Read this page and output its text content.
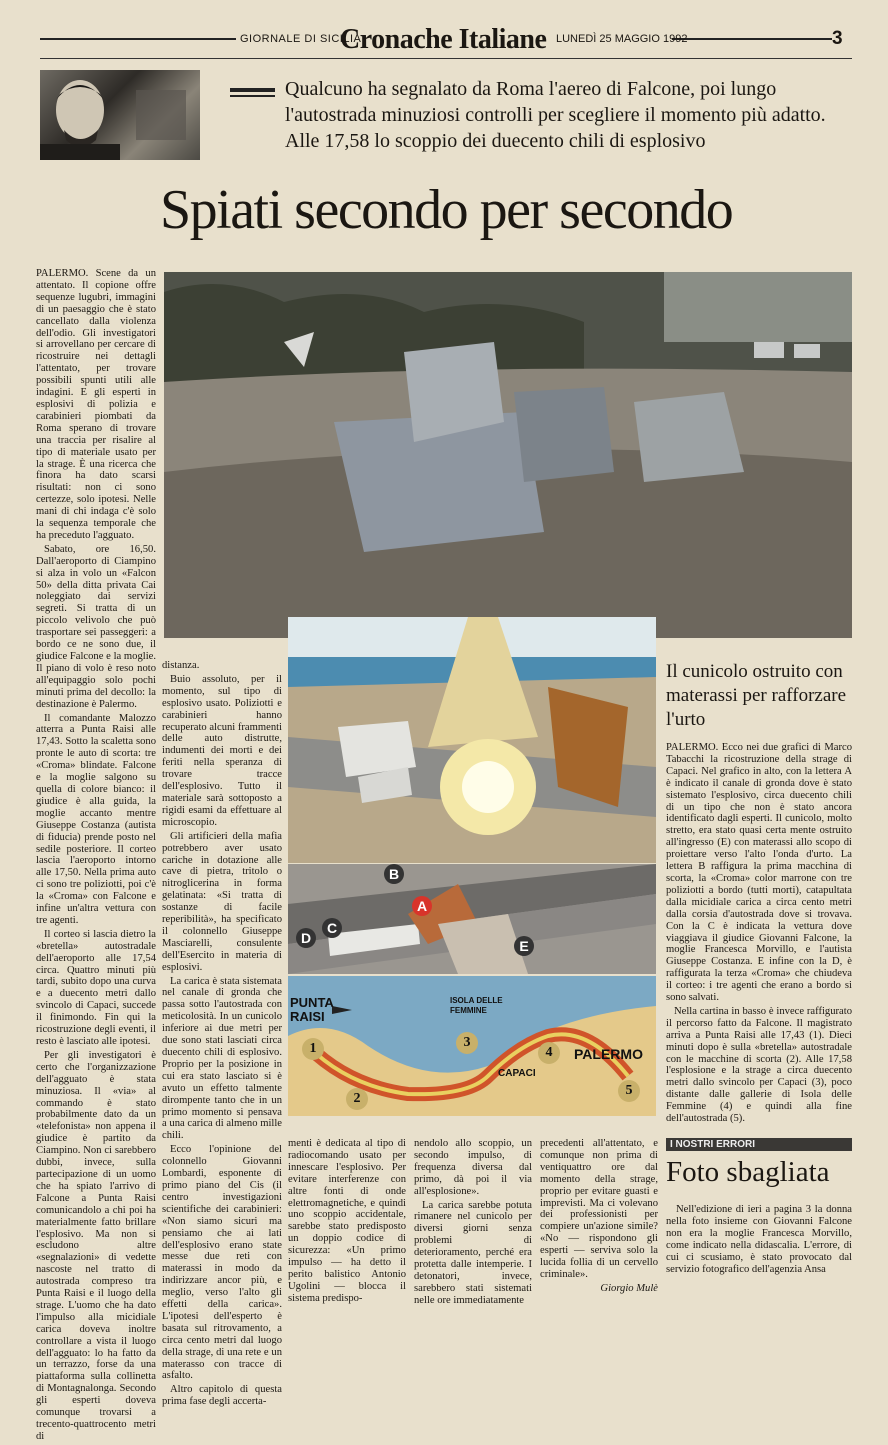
GIORNALE DI SICILIA
Cronache Italiane LUNEDÌ 25 MAGGIO 1992	3
Qualcuno ha segnalato da Roma l'aereo di Falcone, poi lungo l'autostrada minuziosi controlli per scegliere il momento più adatto. Alle 17,58 lo scoppio dei duecento chili di esplosivo
Spiati secondo per secondo

PALERMO. Scene da un attentato. Il copione offre sequenze lugubri, immagini di un paesaggio che è stato cancellato dalla violenza dell'odio. Gli investigatori si arrovellano per cercare di ricostruire nei dettagli l'attentato, per trovare possibili spunti utili alle indagini. E gli esperti in esplosivi di polizia e carabinieri piombati da Roma sperano di trovare una traccia per risalire al tipo di materiale usato per la strage. È una ricerca che finora ha dato scarsi risultati: non ci sono certezze, solo ipotesi. Nelle mani di chi indaga c'è solo la sequenza temporale che ha preceduto l'agguato.

Sabato, ore 16,50. Dall'aeroporto di Ciampino si alza in volo un «Falcon 50» della ditta privata Cai noleggiato dai servizi segreti. Si tratta di un piccolo velivolo che può trasportare sei passeggeri: a bordo ce ne sono due, il giudice Falcone e la moglie. Il piano di volo è reso noto all'equipaggio solo pochi minuti prima del decollo: la destinazione è Palermo.

Il comandante Malozzo atterra a Punta Raisi alle 17,43. Sotto la scaletta sono pronte le auto di scorta: tre «Croma» blindate. Falcone e la moglie salgono su quella di colore bianco: il giudice è alla guida, la moglie accanto mentre Giuseppe Costanza (autista di fiducia) prende posto nel sedile posteriore. Il corteo lascia l'aeroporto intorno alle 17,50. Nella prima auto ci sono tre poliziotti, poi c'è la «Croma» con Falcone e infine un'altra vettura con tre agenti.

Il corteo si lascia dietro la «bretella» autostradale dell'aeroporto alle 17,54 circa. Quattro minuti più tardi, subito dopo una curva e a duecento metri dallo svincolo di Capaci, succede il finimondo. Fin qui la ricostruzione degli eventi, il resto è lasciato alle ipotesi.

Per gli investigatori è certo che l'organizzazione dell'agguato è stata minuziosa. Il «via» al commando è stato probabilmente dato da un «telefonista» non appena il giudice è partito da Ciampino. Non ci sarebbero dubbi, invece, sulla partecipazione di un uomo che ha spiato l'arrivo di Falcone a Punta Raisi comunicandolo a chi poi ha materialmente fatto brillare l'esplosivo. Ma non si escludono altre «segnalazioni» di vedette nascoste nel tratto di autostrada compreso tra Punta Raisi e il luogo della strage. L'uomo che ha dato l'impulso alla micidiale carica doveva inoltre controllare a vista il luogo dell'agguato: lo ha fatto da un terrazzo, forse da una piattaforma sulla collinetta di Montagnalonga. Secondo gli esperti doveva comunque trovarsi a trecento-quattrocento metri di

B
A
C
D	E
PUNTA RAISI
ISOLA DELLE FEMMINE
CAPACI
PALERMO
1
2
3
4
5

distanza.

Buio assoluto, per il momento, sul tipo di esplosivo usato. Poliziotti e carabinieri hanno recuperato alcuni frammenti delle auto distrutte, indumenti dei morti e dei feriti nella speranza di trovare tracce dell'esplosivo. Tutto il materiale sarà sottoposto a rigidi esami da effettuare al microscopio.

Gli artificieri della mafia potrebbero aver usato cariche in dotazione alle cave di pietra, tritolo o nitroglicerina in forma gelatinata: «Si tratta di sostanze di facile reperibilità», ha specificato il colonnello Giuseppe Masciarelli, consulente dell'Esercito in materia di esplosivi.

La carica è stata sistemata nel canale di gronda che passa sotto l'autostrada con meticolosità. In un cunicolo inferiore ai due metri per due sono stati lasciati circa duecento chili di esplosivo. Proprio per la posizione in cui era stato lasciato si è avuto un effetto talmente dirompente tanto che in un primo momento si pensava a una carica di almeno mille chili.

Ecco l'opinione del colonnello Giovanni Lombardi, esponente di primo piano del Cis (il centro investigazioni scientifiche dei carabinieri: «Non siamo sicuri ma pensiamo che ai lati dell'esplosivo erano state messe due reti con materassi in modo da indirizzare ancor più, e meglio, verso l'alto gli effetti della carica». L'ipotesi dell'esperto è basata sul ritrovamento, a circa cento metri dal luogo della strage, di una rete e un materasso con tracce di asfalto.

Altro capitolo di questa prima fase degli accerta-

Il cunicolo ostruito con materassi per rafforzare l'urto

PALERMO. Ecco nei due grafici di Marco Tabacchi la ricostruzione della strage di Capaci. Nel grafico in alto, con la lettera A è indicato il canale di gronda dove è stato sistemato l'esplosivo, circa duecento chili di un tipo che non è stato ancora identificato dagli esperti. Il cunicolo, molto stretto, era stato quasi certa mente ostruito all'ingresso (E) con materassi allo scopo di proiettare verso l'alto l'onda d'urto. La lettera B raffigura la prima macchina di scorta, la «Croma» color marrone con tre poliziotti a bordo (tutti morti), catapultata dalla micidiale carica a circa cento metri dalla corsia d'autostrada dove si trovava. Con la C è indicata la vettura dove viaggiava il giudice Giovanni Falcone, la moglie Francesca Morvillo, e l'autista Giuseppe Costanza. E infine con la D, è raffigurata la terza «Croma» che chiudeva il corteo: i tre agenti che erano a bordo si sono salvati.

Nella cartina in basso è invece raffigurato il percorso fatto da Falcone. Il magistrato arriva a Punta Raisi alle 17,43 (1). Dieci minuti dopo è sulla «bretella» autostradale con le macchine di scorta (2). Alle 17,58 l'esplosione e la strage a circa duecento metri dallo svincolo per Capaci (3), poco distante dalle gallerie di Isola delle Femmine (4) e quindi alla fine dell'autostrada (5).

menti è dedicata al tipo di radiocomando usato per innescare l'esplosivo. Per evitare interferenze con altre fonti di onde elettromagnetiche, e quindi uno scoppio accidentale, sarebbe stato predisposto un doppio codice di sicurezza: «Un primo impulso — ha detto il perito balistico Antonio Ugolini — blocca il sistema predispo-

nendolo allo scoppio, un secondo impulso, di frequenza diversa dal primo, dà poi il via all'esplosione».

La carica sarebbe potuta rimanere nel cunicolo per diversi giorni senza problemi di deterioramento, perché era protetta dalle intemperie. I detonatori, invece, sarebbero stati sistemati nelle ore immediatamente

precedenti all'attentato, e comunque non prima di ventiquattro ore dal momento della strage, proprio per evitare guasti e imprevisti. Ma ci volevano dei professionisti per compiere un'azione simile? «No — rispondono gli esperti — serviva solo la lucida follia di un cervello criminale».

Giorgio Mulè
I NOSTRI ERRORI
Foto sbagliata

Nell'edizione di ieri a pagina 3 la donna nella foto insieme con Giovanni Falcone non era la moglie Francesca Morvillo, come indicato nella didascalia. L'errore, di cui ci scusiamo, è stato provocato dal servizio fotografico dell'agenzia Ansa
